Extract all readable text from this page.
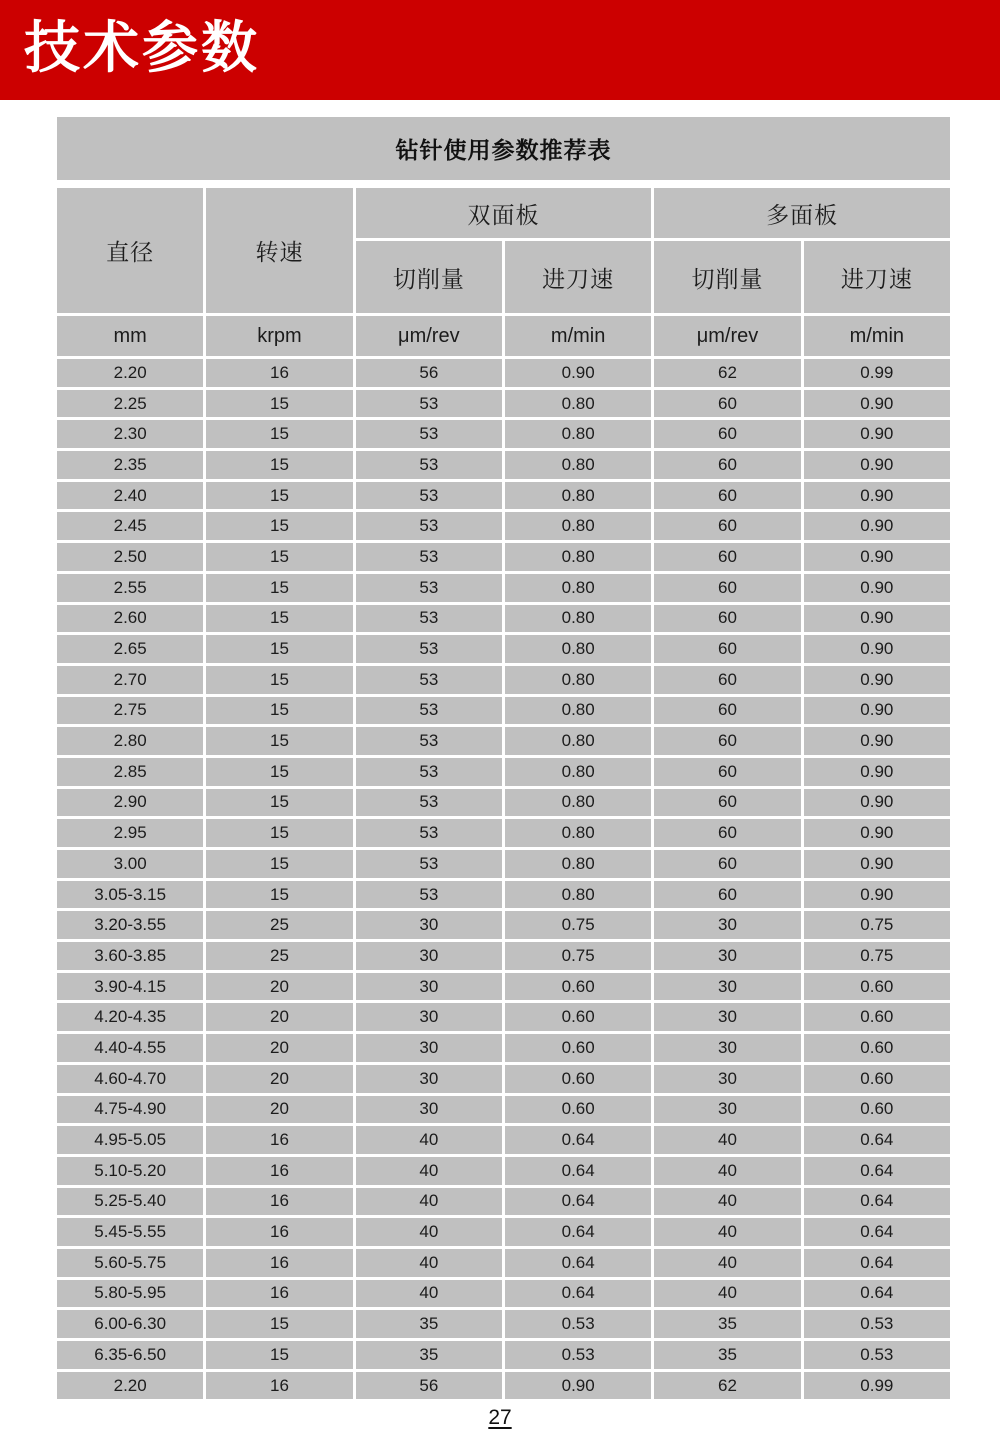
技术参数
钻针使用参数推荐表
直径	转速
双面板	多面板
切削量	进刀速	切削量	进刀速
mm	krpm	μm/rev	m/min	μm/rev	m/min
2.20	16	56	0.90	62	0.99
2.25	15	53	0.80	60	0.90
2.30	15	53	0.80	60	0.90
2.35	15	53	0.80	60	0.90
2.40	15	53	0.80	60	0.90
2.45	15	53	0.80	60	0.90
2.50	15	53	0.80	60	0.90
2.55	15	53	0.80	60	0.90
2.60	15	53	0.80	60	0.90
2.65	15	53	0.80	60	0.90
2.70	15	53	0.80	60	0.90
2.75	15	53	0.80	60	0.90
2.80	15	53	0.80	60	0.90
2.85	15	53	0.80	60	0.90
2.90	15	53	0.80	60	0.90
2.95	15	53	0.80	60	0.90
3.00	15	53	0.80	60	0.90
3.05-3.15	15	53	0.80	60	0.90
3.20-3.55	25	30	0.75	30	0.75
3.60-3.85	25	30	0.75	30	0.75
3.90-4.15	20	30	0.60	30	0.60
4.20-4.35	20	30	0.60	30	0.60
4.40-4.55	20	30	0.60	30	0.60
4.60-4.70	20	30	0.60	30	0.60
4.75-4.90	20	30	0.60	30	0.60
4.95-5.05	16	40	0.64	40	0.64
5.10-5.20	16	40	0.64	40	0.64
5.25-5.40	16	40	0.64	40	0.64
5.45-5.55	16	40	0.64	40	0.64
5.60-5.75	16	40	0.64	40	0.64
5.80-5.95	16	40	0.64	40	0.64
6.00-6.30	15	35	0.53	35	0.53
6.35-6.50	15	35	0.53	35	0.53
2.20	16	56	0.90	62	0.99
27
